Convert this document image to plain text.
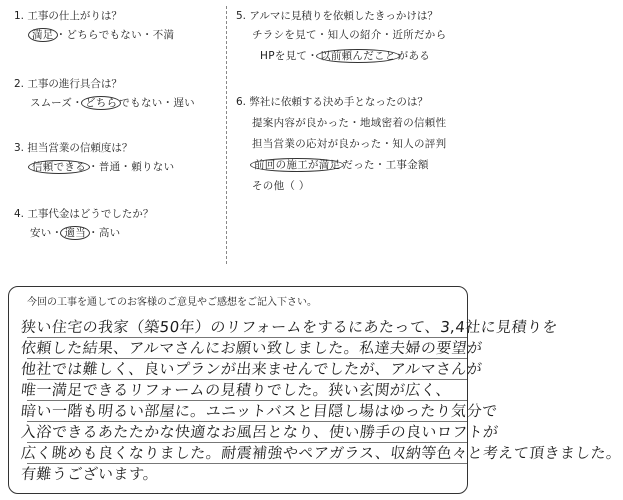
1. 工事の仕上がりは？
満足 ・どちらでもない・不満
2. 工事の進行具合は？
スムーズ・ どちら でもない・遅い
3. 担当営業の信頼度は？
信頼できる ・普通・頼りない
4. 工事代金はどうでしたか？
安い・ 適当 ・高い
5. アルマに見積りを依頼したきっかけは？
チラシを見て・知人の紹介・近所だから
HPを見て・ 以前頼んだこと がある
6. 弊社に依頼する決め手となったのは？
提案内容が良かった・地域密着の信頼性
担当営業の応対が良かった・知人の評判
前回の施工が満足 だった・工事金額
その他（ ）
今回の工事を通してのお客様のご意見やご感想をご記入下さい。
狭い住宅の我家（築50年）のリフォームをするにあたって、3,4社に見積りを
依頼した結果、アルマさんにお願い致しました。私達夫婦の要望が
他社では難しく、良いプランが出来ませんでしたが、アルマさんが
唯一満足できるリフォームの見積りでした。狭い玄関が広く、
暗い一階も明るい部屋に。ユニットバスと目隠し場はゆったり気分で
入浴できるあたたかな快適なお風呂となり、使い勝手の良いロフトが
広く眺めも良くなりました。耐震補強やペアガラス、収納等色々と考えて頂きました。
有難うございます。
